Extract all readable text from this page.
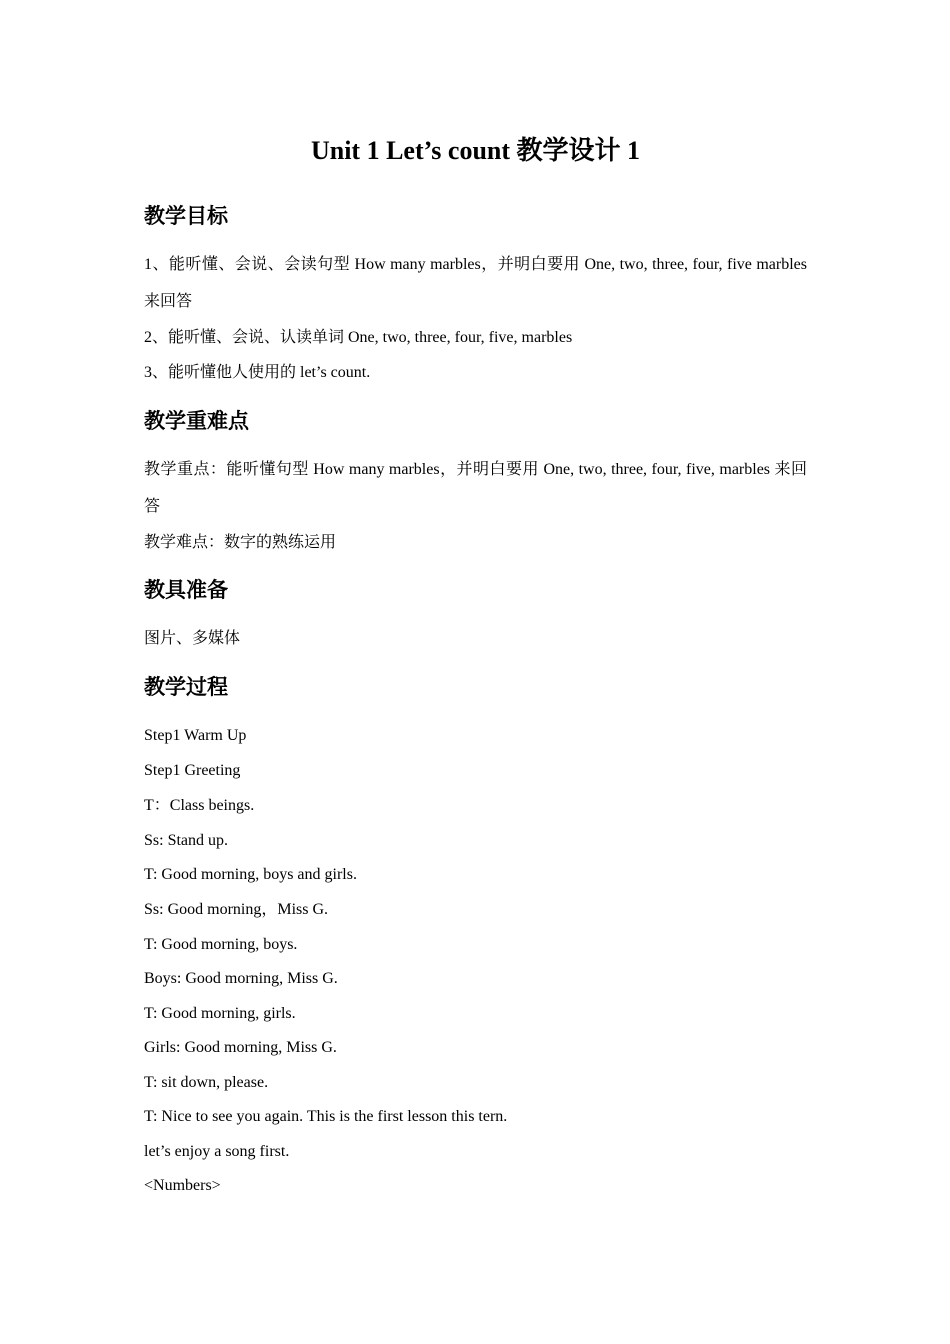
Unit 1 Let’s count 教学设计 1
教学目标

1、能听懂、会说、会读句型 How many marbles，并明白要用 One, two, three, four, five marbles 来回答

2、能听懂、会说、认读单词 One, two, three, four, five, marbles

3、能听懂他人使用的 let’s count.

教学重难点

教学重点：能听懂句型 How many marbles，并明白要用 One, two, three, four, five, marbles 来回答

教学难点：数字的熟练运用

教具准备

图片、多媒体

教学过程

Step1 Warm Up

Step1 Greeting

T：Class beings.

Ss: Stand up.

T: Good morning, boys and girls.

Ss: Good morning，Miss G.

T: Good morning, boys.

Boys: Good morning, Miss G.

T: Good morning, girls.

Girls: Good morning, Miss G.

T: sit down, please.

T: Nice to see you again. This is the first lesson this tern.

let’s enjoy a song first.

<Numbers>
